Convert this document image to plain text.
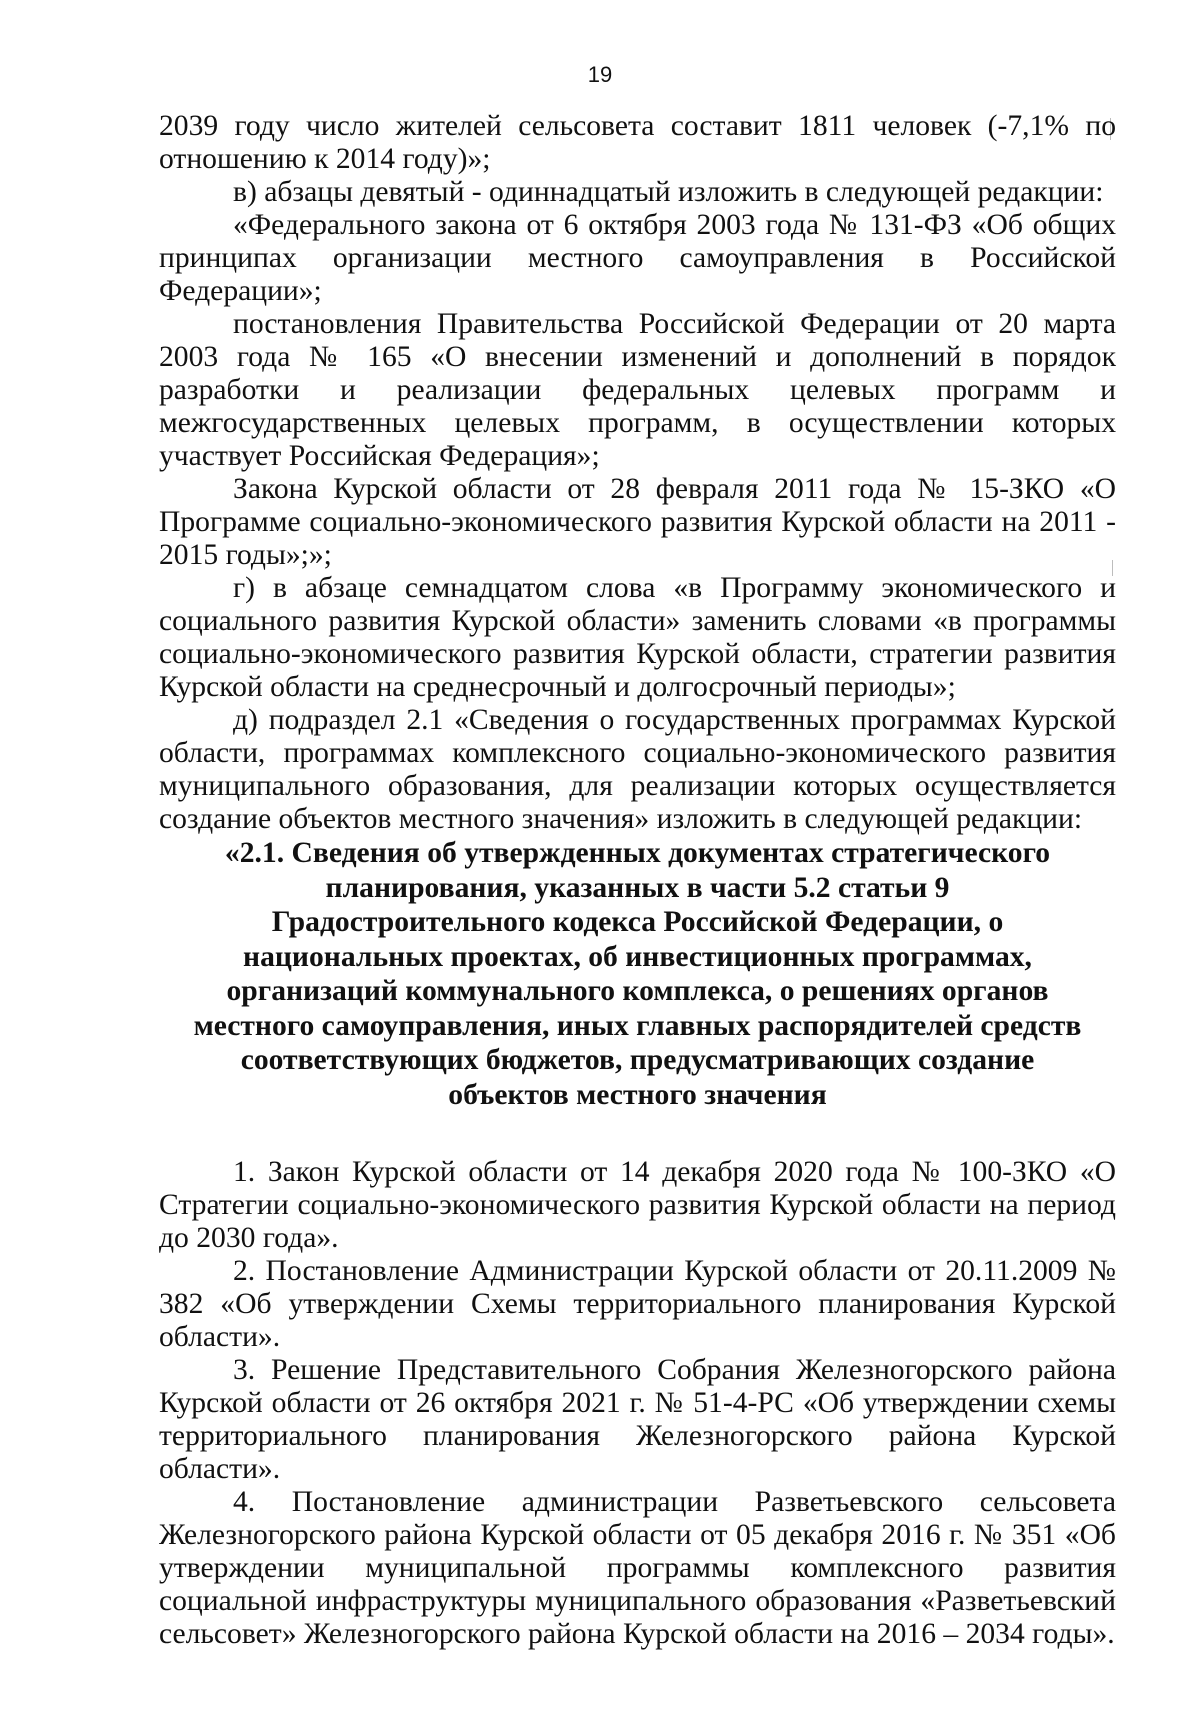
19

2039 году число жителей сельсовета составит 1811 человек (-7,1% по отношению к 2014 году)»;

в) абзацы девятый - одиннадцатый изложить в следующей редакции:

«Федерального закона от 6 октября 2003 года № 131-ФЗ «Об общих принципах организации местного самоуправления в Российской Федерации»;

постановления Правительства Российской Федерации от 20 марта 2003 года № 165 «О внесении изменений и дополнений в порядок разработки и реализации федеральных целевых программ и межгосударственных целевых программ, в осуществлении которых участвует Российская Федерация»;

Закона Курской области от 28 февраля 2011 года № 15-ЗКО «О Программе социально-экономического развития Курской области на 2011 - 2015 годы»;»;

г) в абзаце семнадцатом слова «в Программу экономического и социального развития Курской области» заменить словами «в программы социально-экономического развития Курской области, стратегии развития Курской области на среднесрочный и долгосрочный периоды»;

д) подраздел 2.1 «Сведения о государственных программах Курской области, программах комплексного социально-экономического развития муниципального образования, для реализации которых осуществляется создание объектов местного значения» изложить в следующей редакции:

«2.1. Сведения об утвержденных документах стратегического планирования, указанных в части 5.2 статьи 9 Градостроительного кодекса Российской Федерации, о национальных проектах, об инвестиционных программах, организаций коммунального комплекса, о решениях органов местного самоуправления, иных главных распорядителей средств соответствующих бюджетов, предусматривающих создание объектов местного значения

1. Закон Курской области от 14 декабря 2020 года № 100-ЗКО «О Стратегии социально-экономического развития Курской области на период до 2030 года».

2. Постановление Администрации Курской области от 20.11.2009 № 382 «Об утверждении Схемы территориального планирования Курской области».

3. Решение Представительного Собрания Железногорского района Курской области от 26 октября 2021 г. № 51-4-РС «Об утверждении схемы территориального планирования Железногорского района Курской области».

4. Постановление администрации Разветьевского сельсовета Железногорского района Курской области от 05 декабря 2016 г. № 351 «Об утверждении муниципальной программы комплексного развития социальной инфраструктуры муниципального образования «Разветьевский сельсовет» Железногорского района Курской области на 2016 – 2034 годы».
